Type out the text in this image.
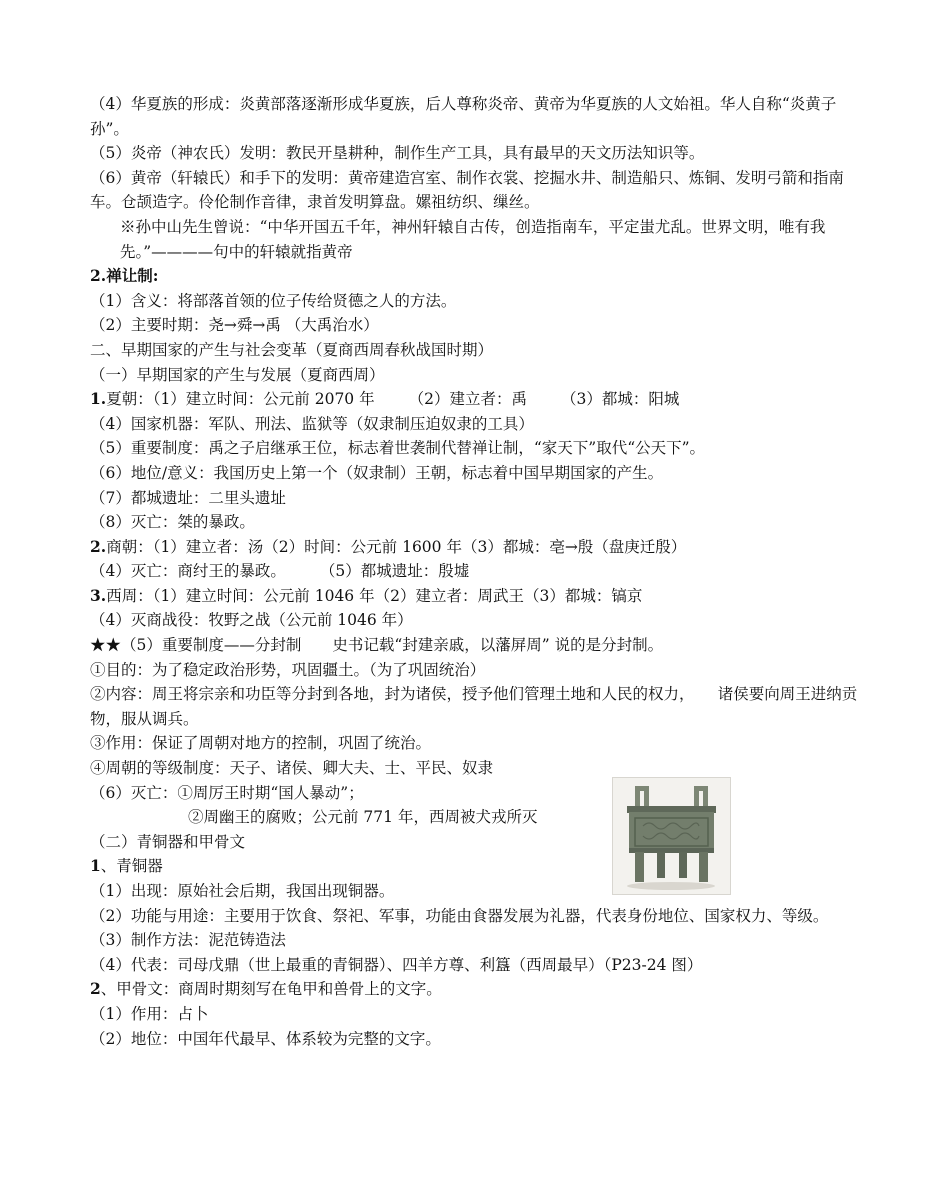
（4）华夏族的形成：炎黄部落逐渐形成华夏族，后人尊称炎帝、黄帝为华夏族的人文始祖。华人自称“炎黄子孙”。

（5）炎帝（神农氏）发明：教民开垦耕种，制作生产工具，具有最早的天文历法知识等。

（6）黄帝（轩辕氏）和手下的发明：黄帝建造宫室、制作衣裳、挖掘水井、制造船只、炼铜、发明弓箭和指南车。仓颉造字。伶伦制作音律，隶首发明算盘。嫘祖纺织、缫丝。

※孙中山先生曾说：“中华开国五千年，神州轩辕自古传，创造指南车，平定蚩尤乱。世界文明，唯有我先。”————句中的轩辕就指黄帝

2.禅让制:

（1）含义：将部落首领的位子传给贤德之人的方法。

（2）主要时期：尧→舜→禹 （大禹治水）

二、早期国家的产生与社会变革（夏商西周春秋战国时期）

（一）早期国家的产生与发展（夏商西周）

1.夏朝：（1）建立时间：公元前 2070 年 （2）建立者：禹 （3）都城：阳城

（4）国家机器：军队、刑法、监狱等（奴隶制压迫奴隶的工具）

（5）重要制度：禹之子启继承王位，标志着世袭制代替禅让制，“家天下”取代“公天下”。

（6）地位/意义：我国历史上第一个（奴隶制）王朝，标志着中国早期国家的产生。

（7）都城遗址：二里头遗址

（8）灭亡：桀的暴政。

2.商朝：（1）建立者：汤（2）时间：公元前 1600 年（3）都城：亳→殷（盘庚迁殷）

（4）灭亡：商纣王的暴政。 （5）都城遗址：殷墟

3.西周：（1）建立时间：公元前 1046 年（2）建立者：周武王（3）都城：镐京

（4）灭商战役：牧野之战（公元前 1046 年）

★★（5）重要制度——分封制　　史书记载“封建亲戚，以藩屏周” 说的是分封制。

①目的：为了稳定政治形势，巩固疆土。（为了巩固统治）

②内容：周王将宗亲和功臣等分封到各地，封为诸侯，授予他们管理土地和人民的权力，　　诸侯要向周王进纳贡物，服从调兵。

③作用：保证了周朝对地方的控制，巩固了统治。

④周朝的等级制度：天子、诸侯、卿大夫、士、平民、奴隶

（6）灭亡：①周厉王时期“国人暴动”；

②周幽王的腐败；公元前 771 年，西周被犬戎所灭

（二）青铜器和甲骨文

1、青铜器

（1）出现：原始社会后期，我国出现铜器。

（2）功能与用途：主要用于饮食、祭祀、军事，功能由食器发展为礼器，代表身份地位、国家权力、等级。

（3）制作方法：泥范铸造法

（4）代表：司母戊鼎（世上最重的青铜器）、四羊方尊、利簋（西周最早）（P23-24 图）

2、甲骨文：商周时期刻写在龟甲和兽骨上的文字。

（1）作用：占卜

（2）地位：中国年代最早、体系较为完整的文字。
